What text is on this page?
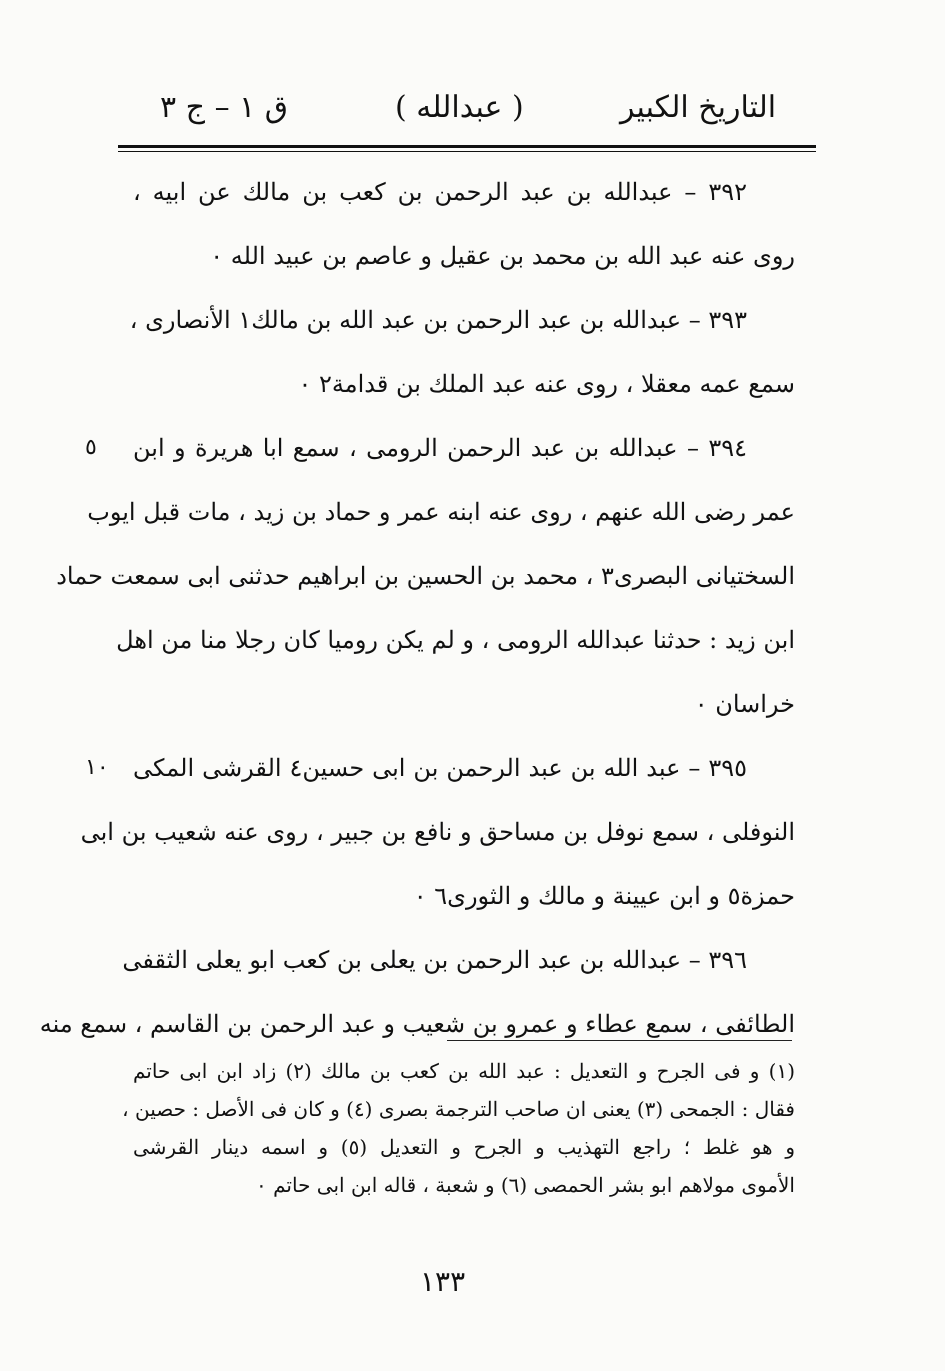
ق ١ – ج ٣	( عبدالله )	التاريخ الكبير
٣٩٢ – عبدالله بن عبد الرحمن بن كعب بن مالك عن ابيه ،
روى عنه عبد الله بن محمد بن عقيل و عاصم بن عبيد الله ٠
٣٩٣ – عبدالله بن عبد الرحمن بن عبد الله بن مالك١ الأنصارى ،
سمع عمه معقلا ، روى عنه عبد الملك بن قدامة٢ ٠
٣٩٤ – عبدالله بن عبد الرحمن الرومى ، سمع ابا هريرة و ابن
عمر رضى الله عنهم ، روى عنه ابنه عمر و حماد بن زيد ، مات قبل ايوب
السختيانى البصرى٣ ، محمد بن الحسين بن ابراهيم حدثنى ابى سمعت حماد
ابن زيد : حدثنا عبدالله الرومى ، و لم يكن روميا كان رجلا منا من اهل
خراسان ٠
٣٩٥ – عبد الله بن عبد الرحمن بن ابى حسين٤ القرشى المكى
النوفلى ، سمع نوفل بن مساحق و نافع بن جبير ، روى عنه شعيب بن ابى
حمزة٥ و ابن عيينة و مالك و الثورى٦ ٠
٣٩٦ – عبدالله بن عبد الرحمن بن يعلى بن كعب ابو يعلى الثقفى
الطائفى ، سمع عطاء و عمرو بن شعيب و عبد الرحمن بن القاسم ، سمع منه
٥
١٠
(١) و فى الجرح و التعديل : عبد الله بن كعب بن مالك (٢) زاد ابن ابى حاتم
فقال : الجمحى (٣) يعنى ان صاحب الترجمة بصرى (٤) و كان فى الأصل : حصين ،
و هو غلط ؛ راجع التهذيب و الجرح و التعديل (٥) و اسمه دينار القرشى
الأموى مولاهم ابو بشر الحمصى (٦) و شعبة ، قاله ابن ابى حاتم ٠
١٣٣
